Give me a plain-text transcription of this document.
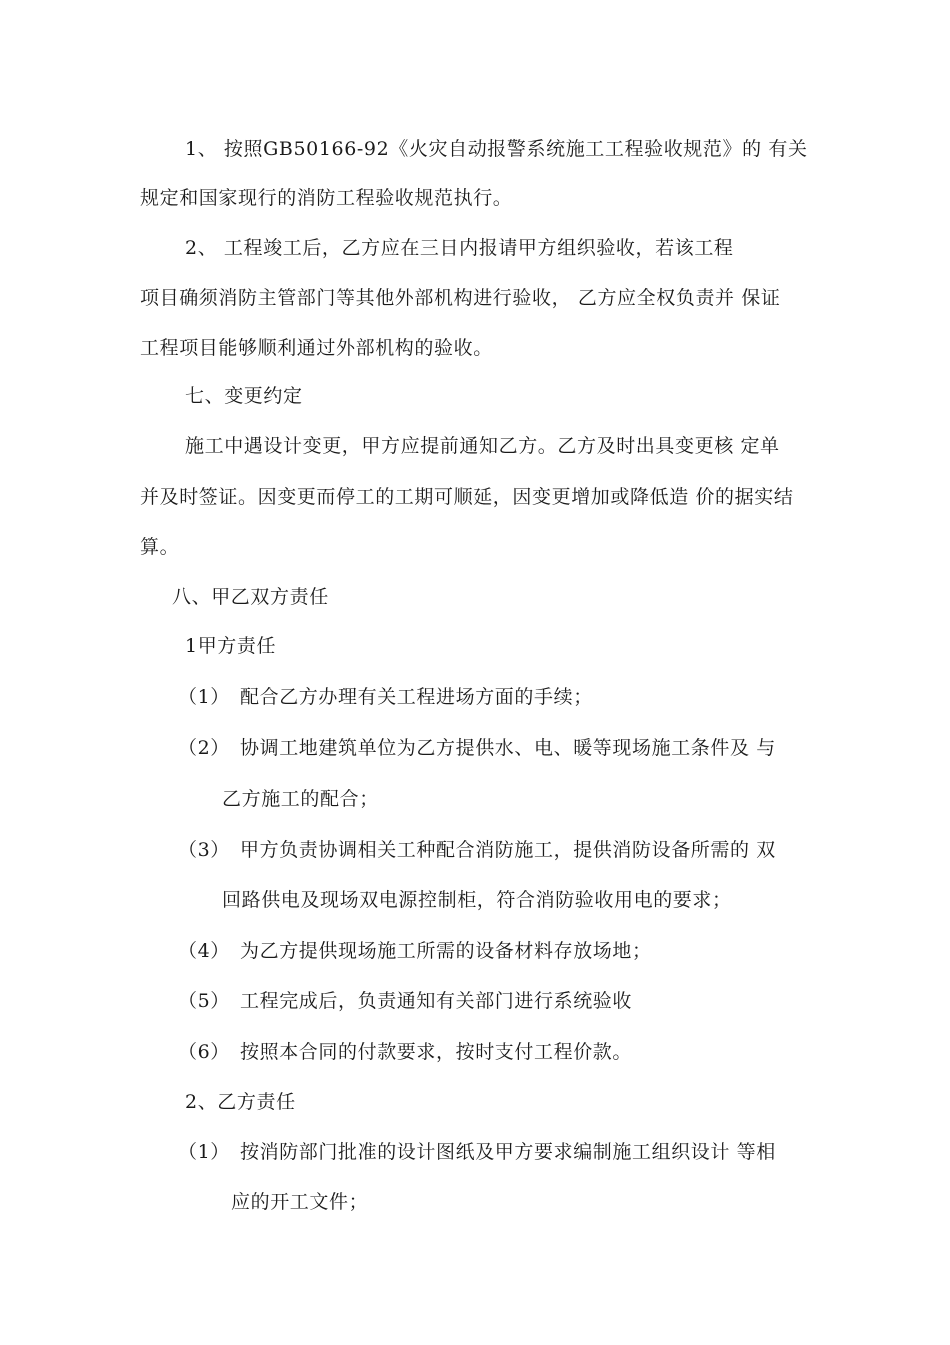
1、 按照GB50166-92《火灾自动报警系统施工工程验收规范》的 有关
规定和国家现行的消防工程验收规范执行。
2、 工程竣工后，乙方应在三日内报请甲方组织验收，若该工程
项目确须消防主管部门等其他外部机构进行验收， 乙方应全权负责并 保证
工程项目能够顺利通过外部机构的验收。
七、变更约定
施工中遇设计变更，甲方应提前通知乙方。乙方及时出具变更核 定单
并及时签证。因变更而停工的工期可顺延，因变更增加或降低造 价的据实结
算。
八、甲乙双方责任
1甲方责任
（1） 配合乙方办理有关工程进场方面的手续；
（2） 协调工地建筑单位为乙方提供水、电、暖等现场施工条件及 与
乙方施工的配合；
（3） 甲方负责协调相关工种配合消防施工，提供消防设备所需的 双
回路供电及现场双电源控制柜，符合消防验收用电的要求；
（4） 为乙方提供现场施工所需的设备材料存放场地；
（5） 工程完成后，负责通知有关部门进行系统验收
（6） 按照本合同的付款要求，按时支付工程价款。
2、乙方责任
（1） 按消防部门批准的设计图纸及甲方要求编制施工组织设计 等相
应的开工文件；
